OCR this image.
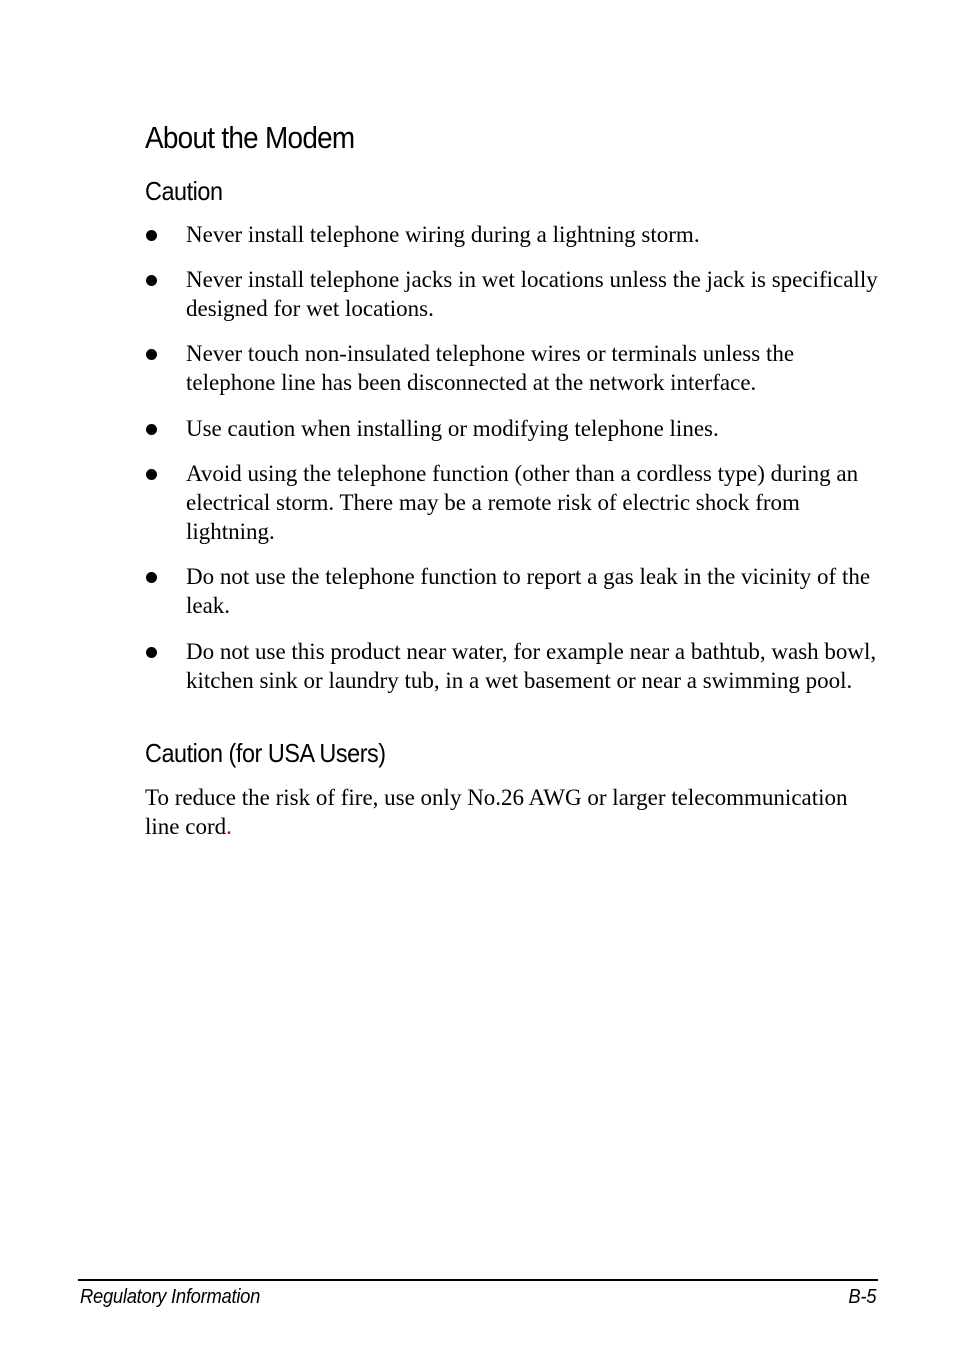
About the Modem
Caution
Never install telephone wiring during a lightning storm.
Never install telephone jacks in wet locations unless the jack is specifically designed for wet locations.
Never touch non-insulated telephone wires or terminals unless the telephone line has been disconnected at the network interface.
Use caution when installing or modifying telephone lines.
Avoid using the telephone function (other than a cordless type) during an electrical storm. There may be a remote risk of electric shock from lightning.
Do not use the telephone function to report a gas leak in the vicinity of the leak.
Do not use this product near water, for example near a bathtub, wash bowl, kitchen sink or laundry tub, in a wet basement or near a swimming pool.
Caution (for USA Users)

To reduce the risk of fire, use only No.26 AWG or larger telecommunication line cord.

Regulatory Information	B-5
